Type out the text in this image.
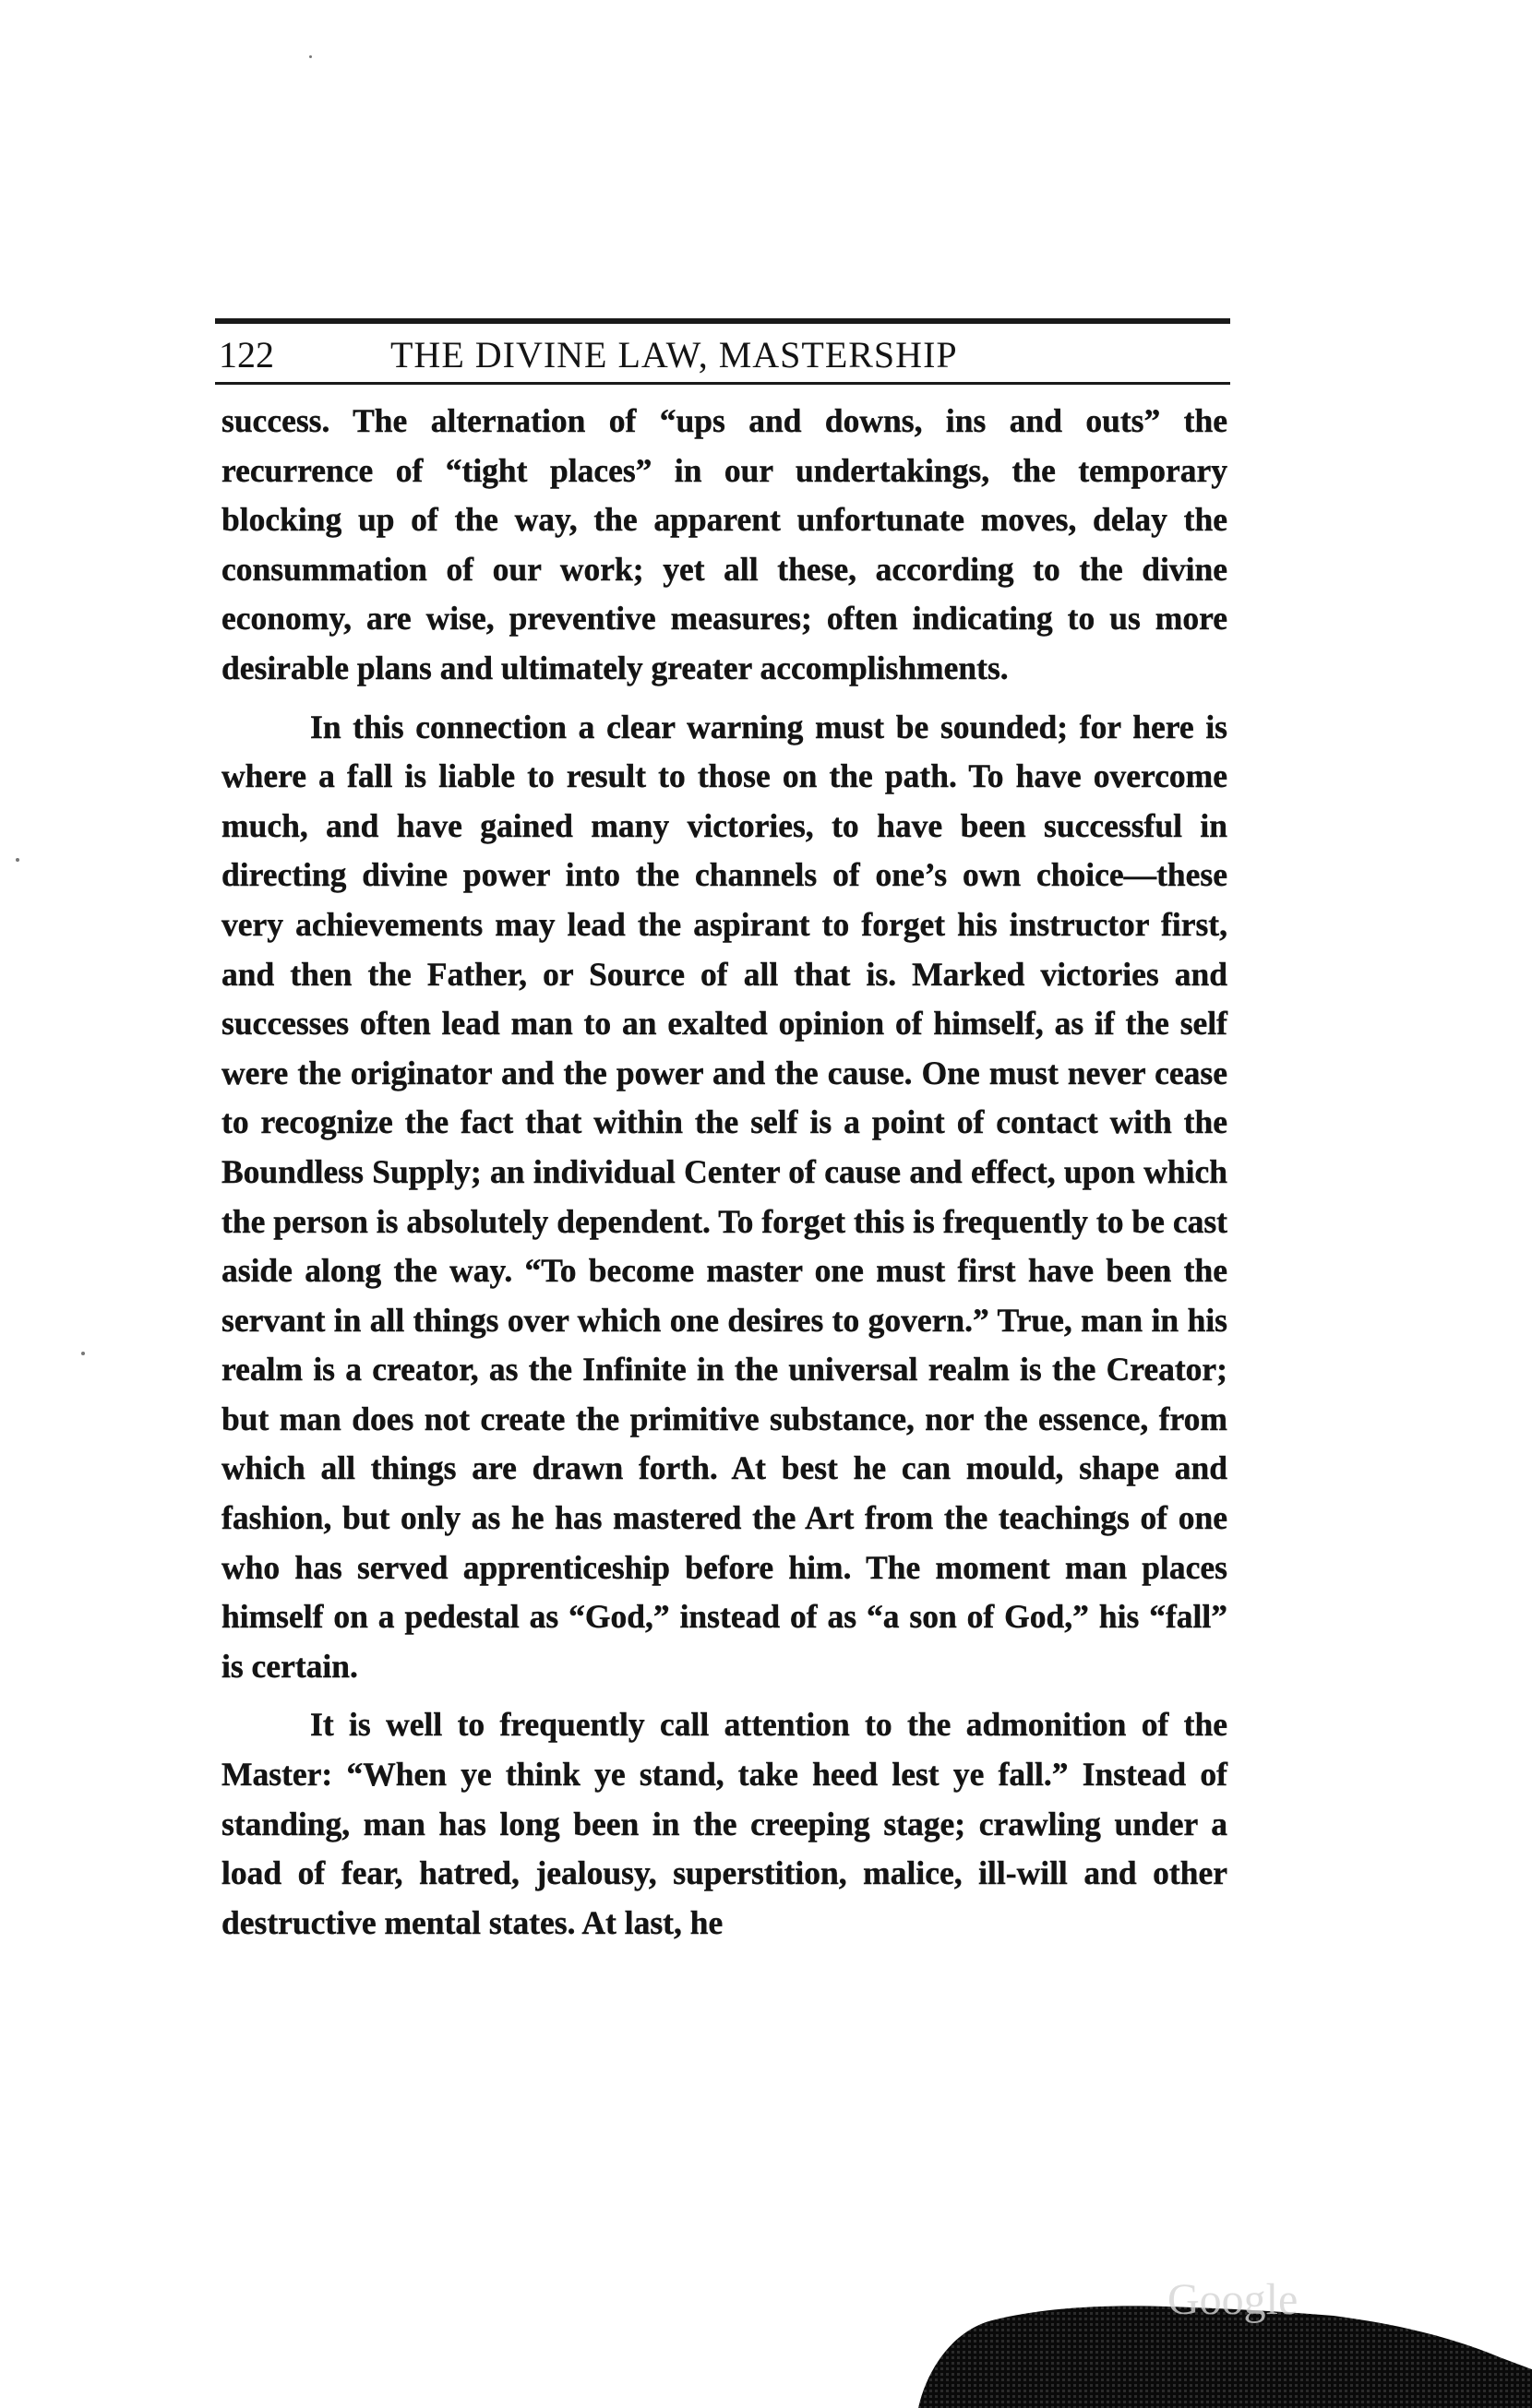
122	THE DIVINE LAW, MASTERSHIP

success. The alternation of “ups and downs, ins and outs” the recurrence of “tight places” in our undertakings, the temporary blocking up of the way, the apparent unfortunate moves, delay the consummation of our work; yet all these, according to the divine economy, are wise, preventive measures; often indicating to us more desirable plans and ultimately greater accomplishments.

In this connection a clear warning must be sounded; for here is where a fall is liable to result to those on the path. To have overcome much, and have gained many victories, to have been successful in directing divine power into the channels of one’s own choice—these very achievements may lead the aspirant to forget his instructor first, and then the Father, or Source of all that is. Marked victories and successes often lead man to an exalted opinion of himself, as if the self were the originator and the power and the cause. One must never cease to recognize the fact that within the self is a point of contact with the Boundless Supply; an individual Center of cause and effect, upon which the person is absolutely dependent. To forget this is frequently to be cast aside along the way. “To become master one must first have been the servant in all things over which one desires to govern.” True, man in his realm is a creator, as the Infinite in the universal realm is the Creator; but man does not create the primitive substance, nor the essence, from which all things are drawn forth. At best he can mould, shape and fashion, but only as he has mastered the Art from the teachings of one who has served apprenticeship before him. The moment man places himself on a pedestal as “God,” instead of as “a son of God,” his “fall” is certain.

It is well to frequently call attention to the admonition of the Master: “When ye think ye stand, take heed lest ye fall.” Instead of standing, man has long been in the creeping stage; crawling under a load of fear, hatred, jealousy, superstition, malice, ill-will and other destructive mental states. At last, he

Google
